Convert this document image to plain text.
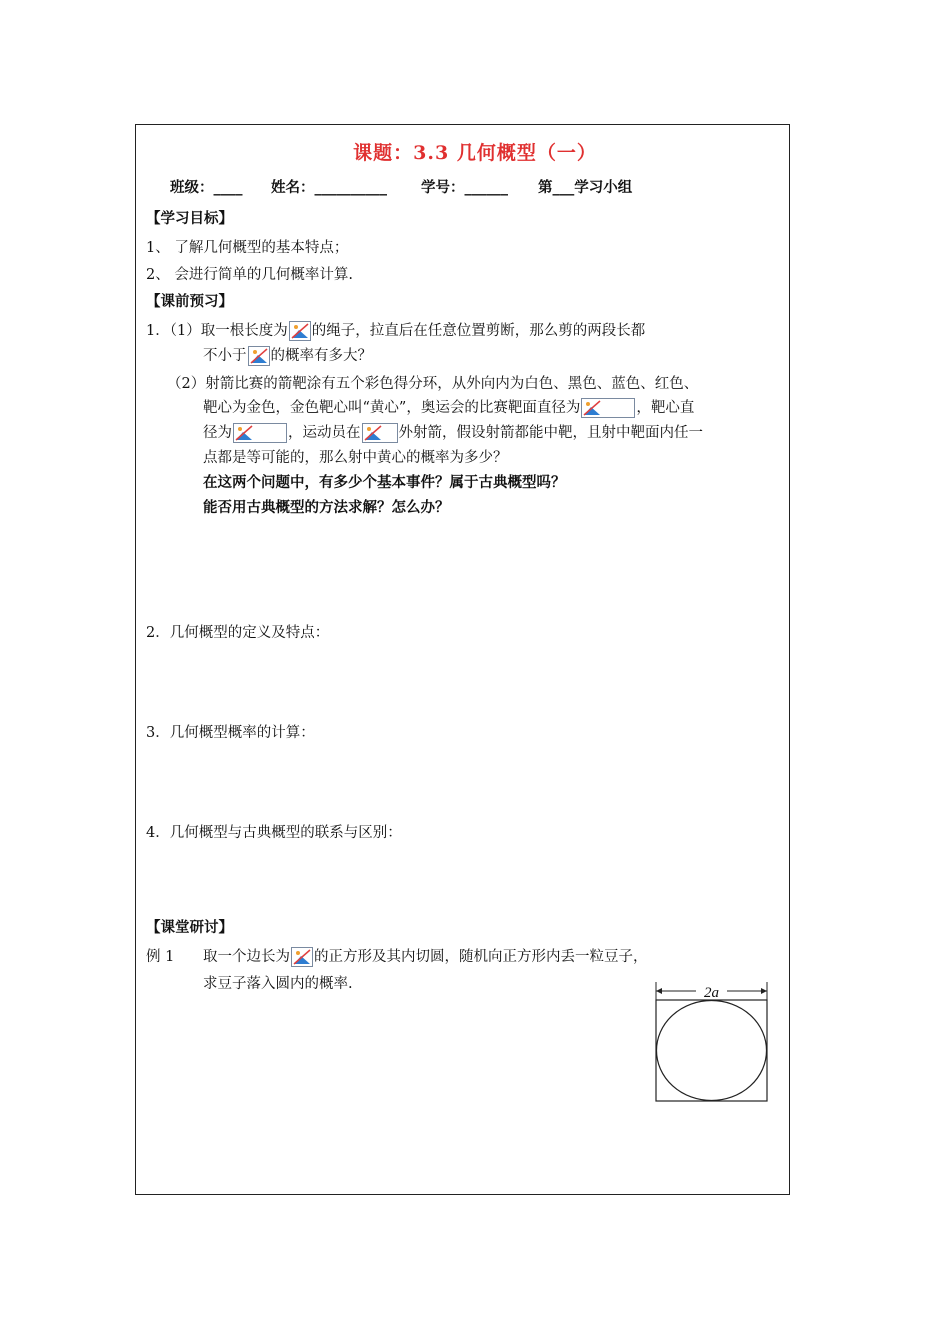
课题：3.3 几何概型（一）
班级：____ 姓名：__________ 学号：______ 第___学习小组
【学习目标】
1、 了解几何概型的基本特点；
2、 会进行简单的几何概率计算.
【课前预习】
1．（1）取一根长度为 的绳子，拉直后在任意位置剪断，那么剪的两段长都
不小于 的概率有多大？
（2）射箭比赛的箭靶涂有五个彩色得分环，从外向内为白色、黑色、蓝色、红色、
靶心为金色，金色靶心叫“黄心”，奥运会的比赛靶面直径为	，靶心直
径为	，运动员在	外射箭，假设射箭都能中靶，且射中靶面内任一
点都是等可能的，那么射中黄心的概率为多少？
在这两个问题中，有多少个基本事件？属于古典概型吗？
能否用古典概型的方法求解？怎么办？
2．几何概型的定义及特点：
3．几何概型概率的计算：
4．几何概型与古典概型的联系与区别：
【课堂研讨】
例 1 取一个边长为 的正方形及其内切圆，随机向正方形内丢一粒豆子，
求豆子落入圆内的概率.
2a
